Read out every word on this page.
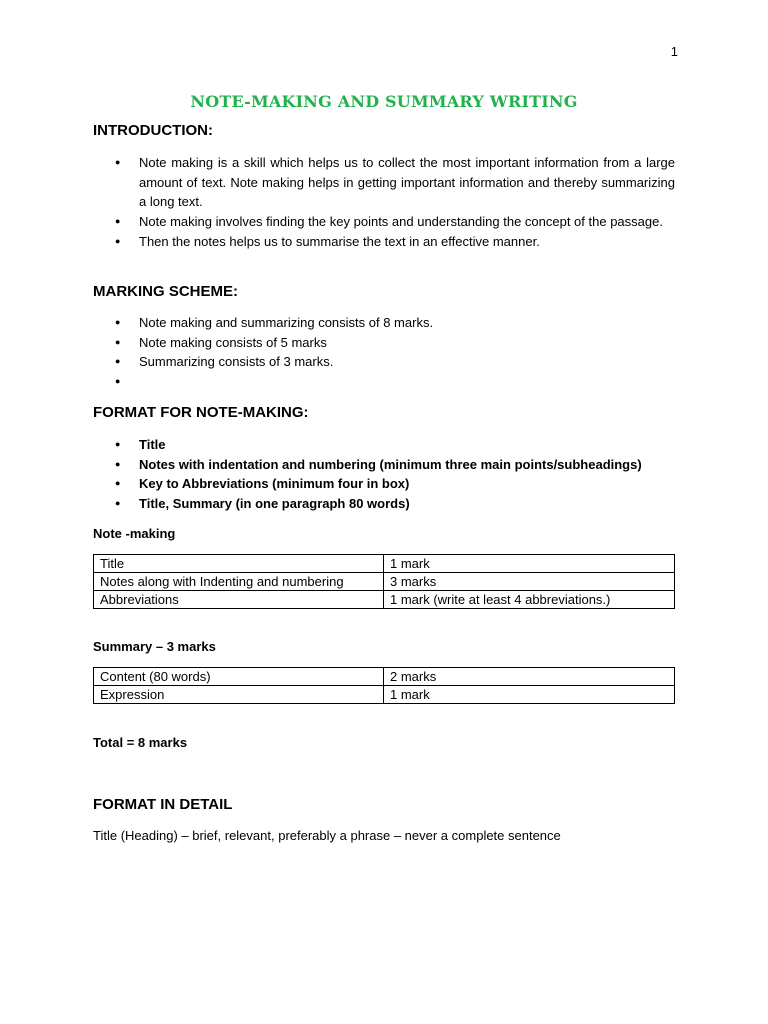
1
NOTE-MAKING AND SUMMARY WRITING
INTRODUCTION:
● Note making is a skill which helps us to collect the most important information from a large amount of text. Note making helps in getting important information and thereby summarizing a long text.
● Note making involves finding the key points and understanding the concept of the passage.
● Then the notes helps us to summarise the text in an effective manner.
MARKING SCHEME:
● Note making and summarizing consists of 8 marks.
● Note making consists of 5 marks
● Summarizing consists of 3 marks.
●
FORMAT FOR NOTE-MAKING:
● Title
● Notes with indentation and numbering (minimum three main points/subheadings)
● Key to Abbreviations (minimum four in box)
● Title, Summary (in one paragraph 80 words)
Note -making
Title	1 mark
Notes along with Indenting and numbering	3 marks
Abbreviations	1 mark (write at least 4 abbreviations.)
Summary – 3 marks
Content (80 words)	2 marks
Expression	1 mark
Total = 8 marks
FORMAT IN DETAIL
Title (Heading) – brief, relevant, preferably a phrase – never a complete sentence
